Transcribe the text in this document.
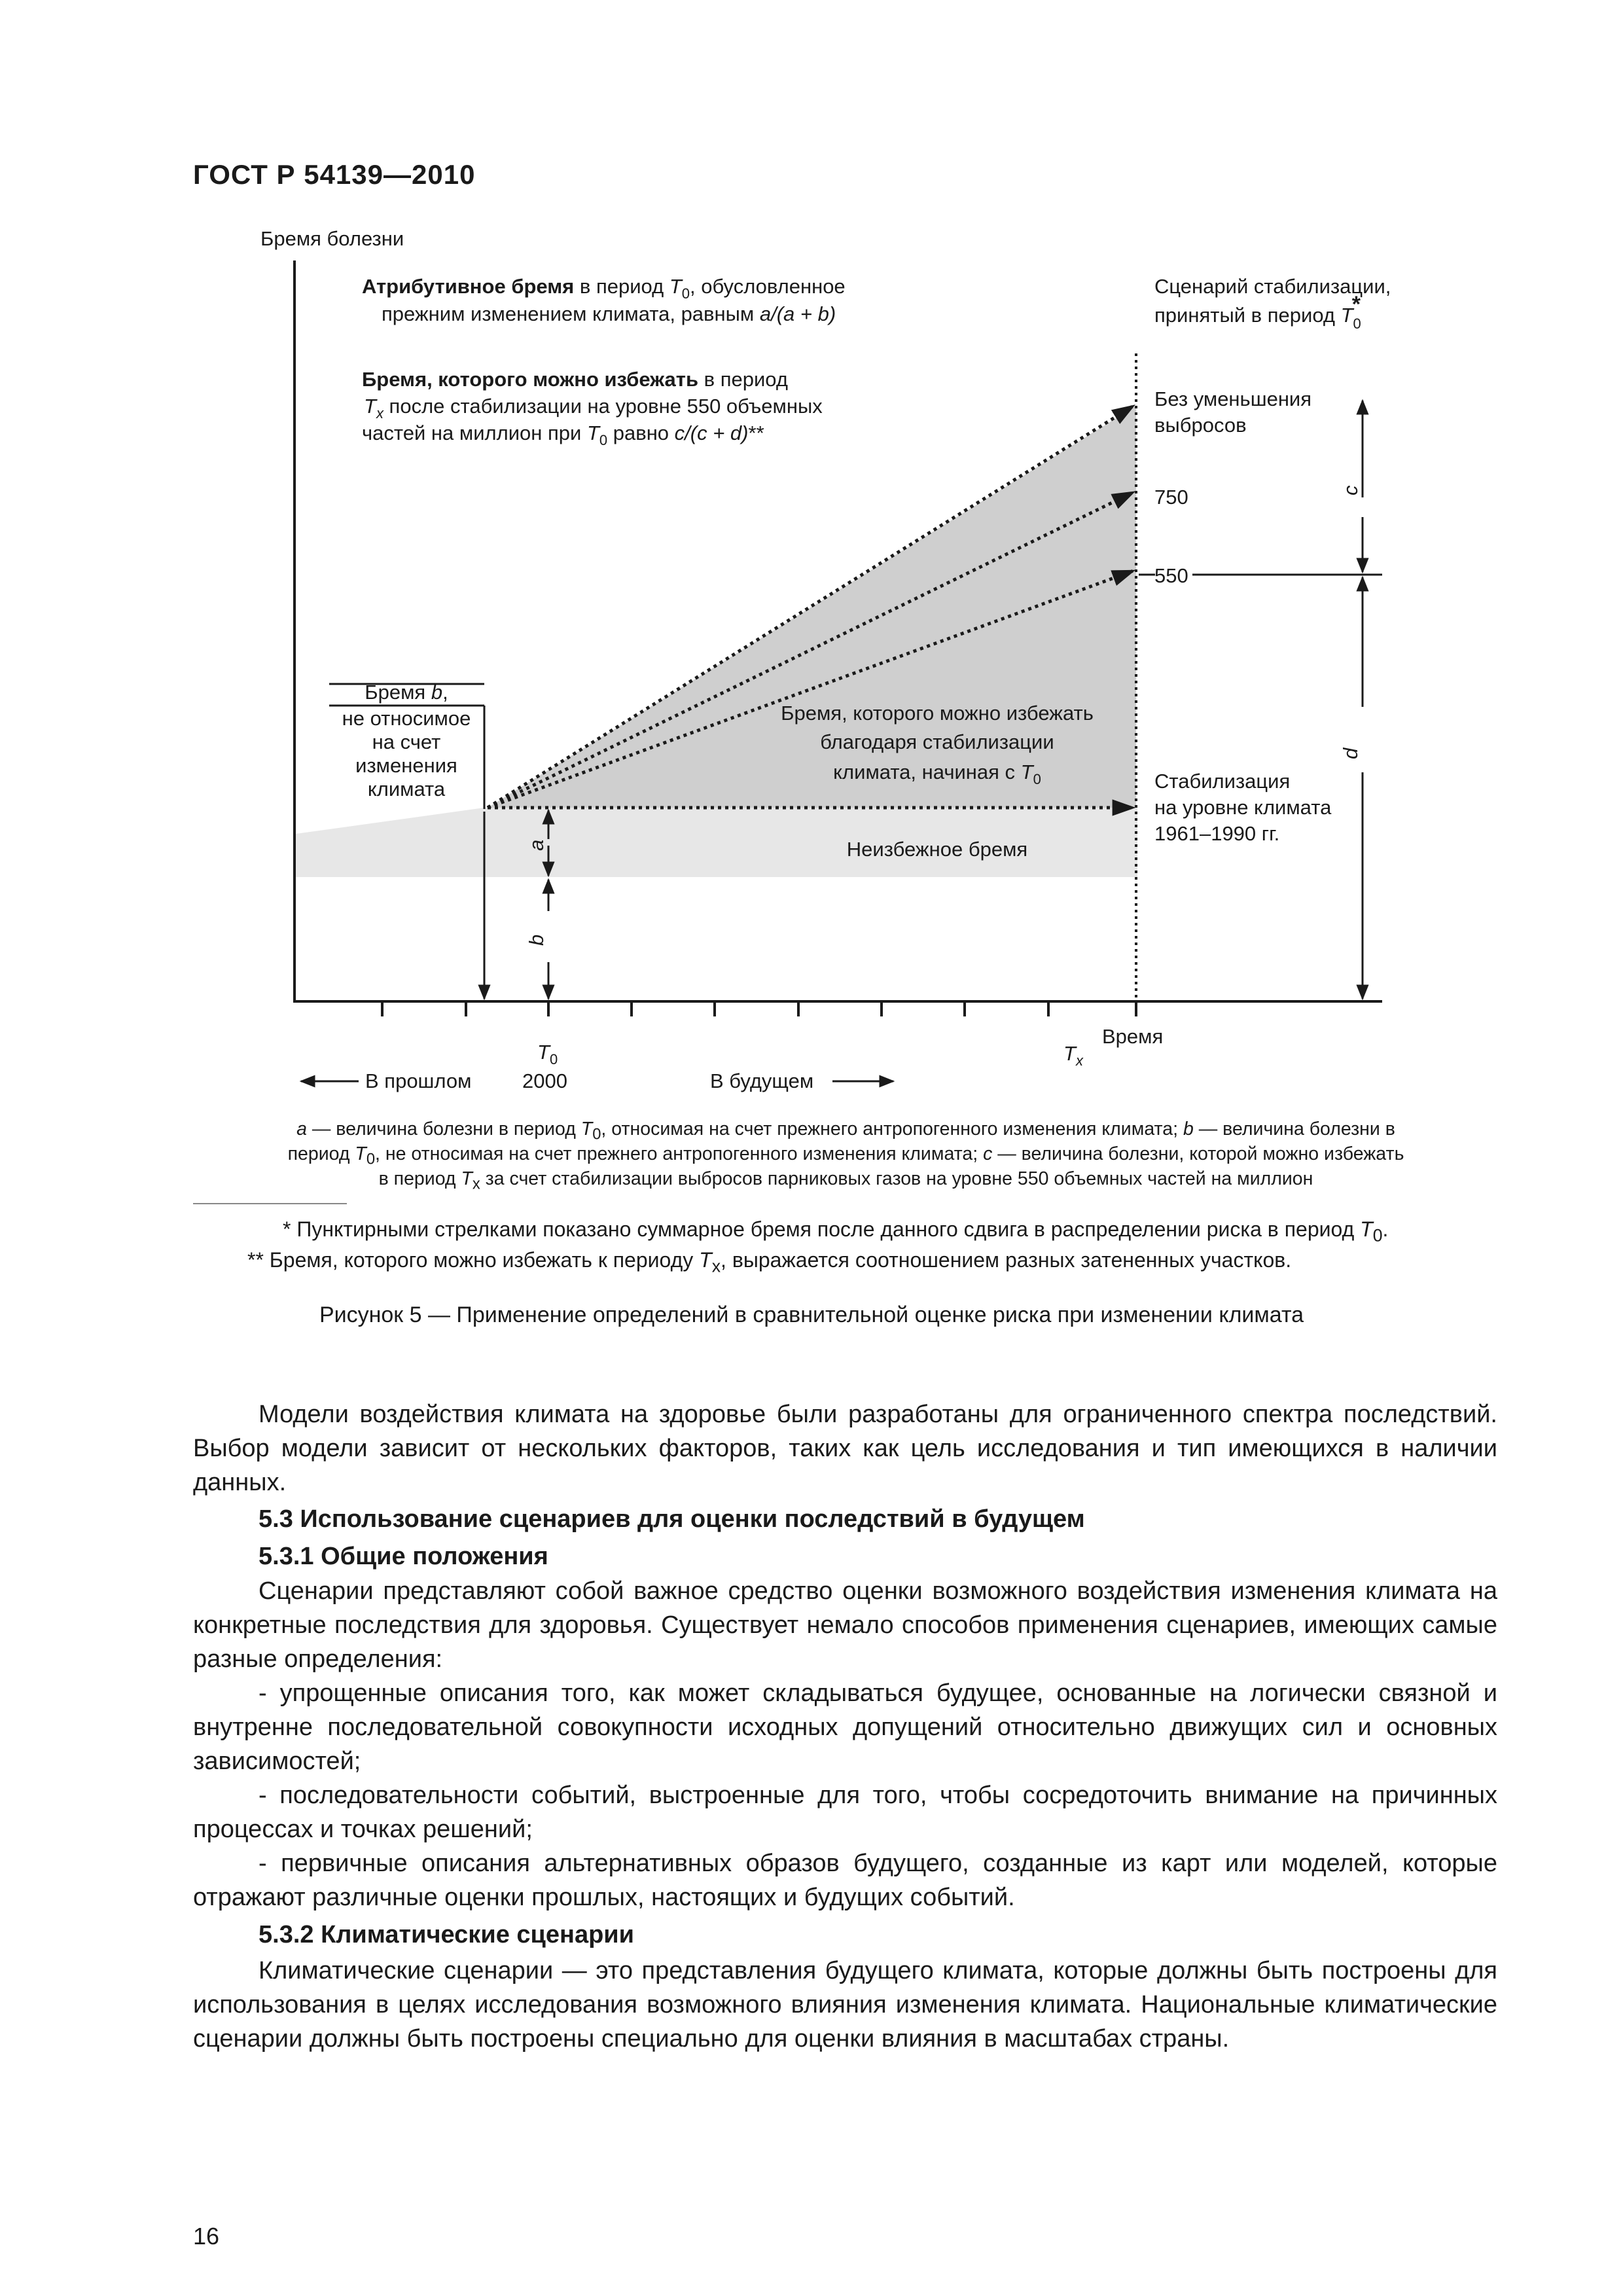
ГОСТ Р 54139—2010
Бремя болезни
Время
Атрибутивное бремя в период $T_0$, обусловленное
прежним изменением климата, равным a/(a + b)
Бремя, которого можно избежать в период
$T_x$ после стабилизации на уровне 550 объемных
частей на миллион при $T_0$ равно c/(c + d)**
Сценарий стабилизации,
принятый в период $T_0*$
Без уменьшения
выбросов
750
550
Бремя b,
не относимое
на счет
изменения
климата
Бремя, которого можно избежать
благодаря стабилизации
климата, начиная с $T_0$	Стабилизация
на уровне климата
1961–1990 гг.
Неизбежное бремя
a
b
c
d
$T_0$
2000
$T_x$
В прошлом	В будущем
a — величина болезни в период $T_0$, относимая на счет прежнего антропогенного изменения климата; b — величина болезни в
период $T_0$, не относимая на счет прежнего антропогенного изменения климата; c — величина болезни, которой можно избежать
в период $T_x$ за счет стабилизации выбросов парниковых газов на уровне 550 объемных частей на миллион
* Пунктирными стрелками показано суммарное бремя после данного сдвига в распределении риска в период $T_0$.
** Бремя, которого можно избежать к периоду $T_x$, выражается соотношением разных затененных участков.
Рисунок 5 — Применение определений в сравнительной оценке риска при изменении климата

Модели воздействия климата на здоровье были разработаны для ограниченного спектра последствий. Выбор модели зависит от нескольких факторов, таких как цель исследования и тип имеющихся в наличии данных.

5.3 Использование сценариев для оценки последствий в будущем

5.3.1 Общие положения

Сценарии представляют собой важное средство оценки возможного воздействия изменения климата на конкретные последствия для здоровья. Существует немало способов применения сценариев, имеющих самые разные определения:

- упрощенные описания того, как может складываться будущее, основанные на логически связной и внутренне последовательной совокупности исходных допущений относительно движущих сил и основных зависимостей;

- последовательности событий, выстроенные для того, чтобы сосредоточить внимание на причинных процессах и точках решений;

- первичные описания альтернативных образов будущего, созданные из карт или моделей, которые отражают различные оценки прошлых, настоящих и будущих событий.

5.3.2 Климатические сценарии

Климатические сценарии — это представления будущего климата, которые должны быть построены для использования в целях исследования возможного влияния изменения климата. Национальные климатические сценарии должны быть построены специально для оценки влияния в масштабах страны.

16
